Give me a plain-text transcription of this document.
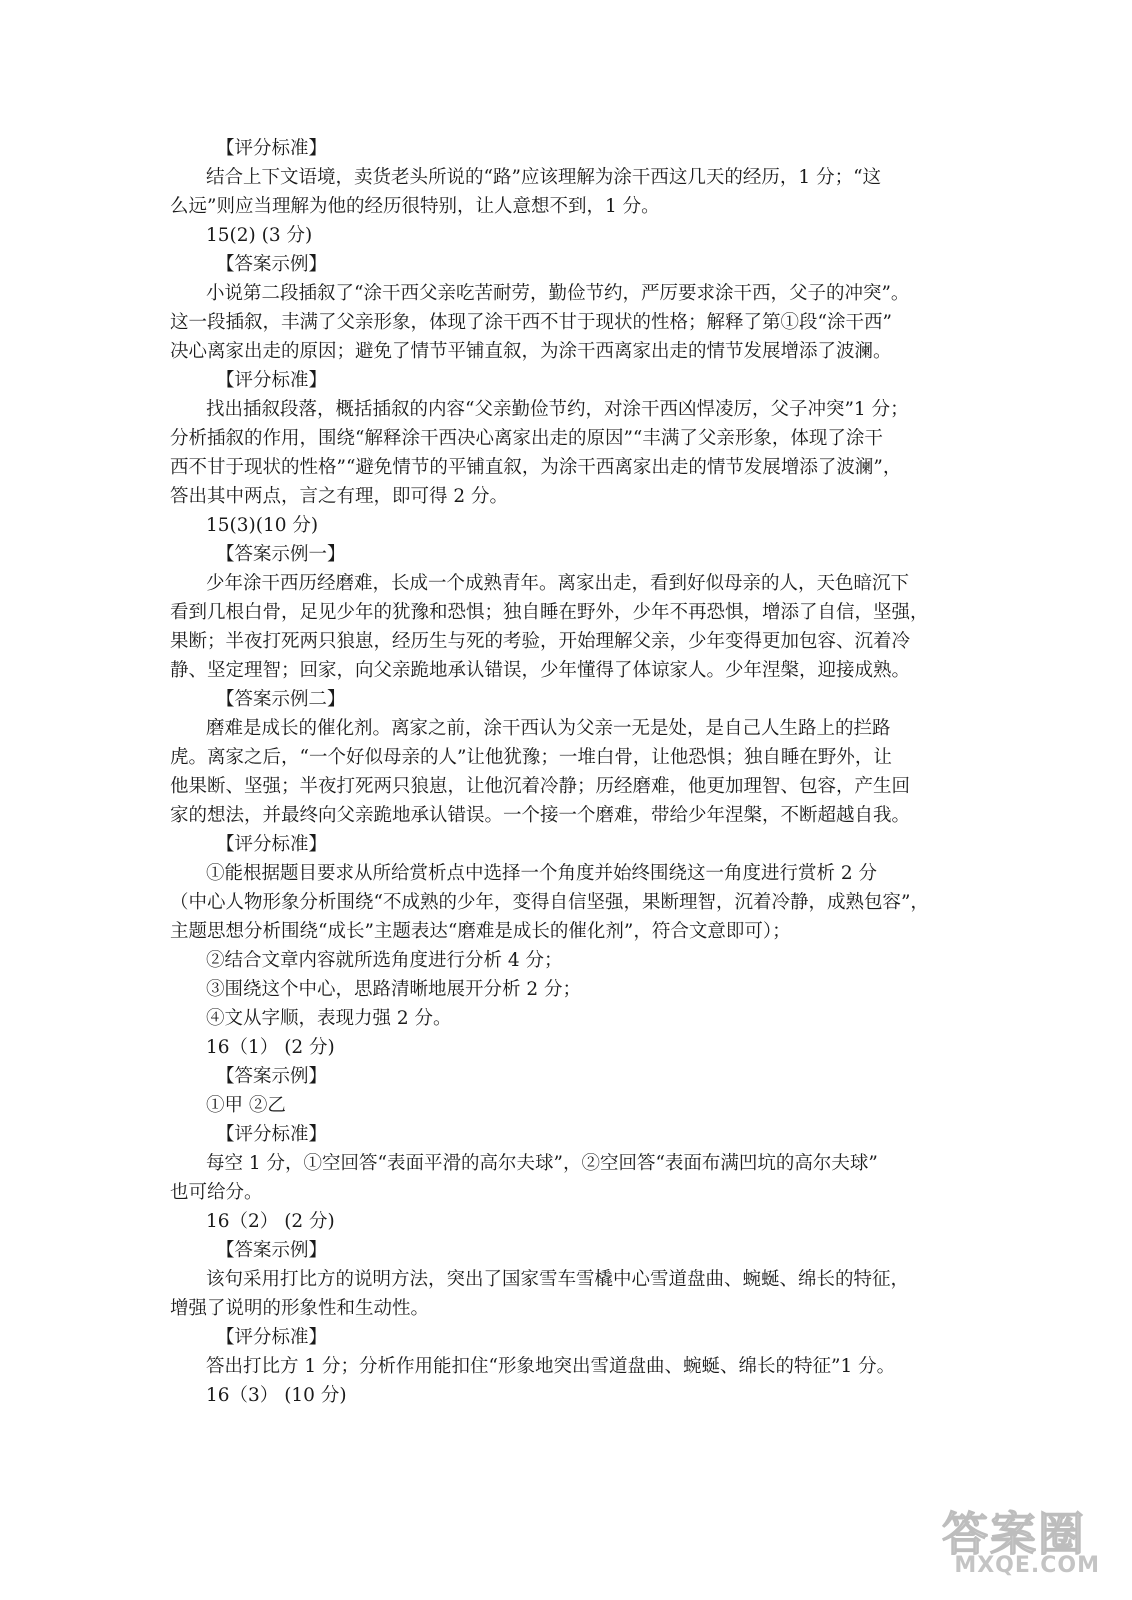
【评分标准】
结合上下文语境，卖货老头所说的“路”应该理解为涂干西这几天的经历，1 分；“这
么远”则应当理解为他的经历很特别，让人意想不到，1 分。
15(2) (3 分)
【答案示例】
小说第二段插叙了“涂干西父亲吃苦耐劳，勤俭节约，严厉要求涂干西，父子的冲突”。
这一段插叙，丰满了父亲形象，体现了涂干西不甘于现状的性格；解释了第①段“涂干西”
决心离家出走的原因；避免了情节平铺直叙，为涂干西离家出走的情节发展增添了波澜。
【评分标准】
找出插叙段落，概括插叙的内容“父亲勤俭节约，对涂干西凶悍凌厉，父子冲突”1 分；
分析插叙的作用，围绕“解释涂干西决心离家出走的原因”“丰满了父亲形象，体现了涂干
西不甘于现状的性格”“避免情节的平铺直叙，为涂干西离家出走的情节发展增添了波澜”，
答出其中两点，言之有理，即可得 2 分。
15(3)(10 分)
【答案示例一】
少年涂干西历经磨难，长成一个成熟青年。离家出走，看到好似母亲的人，天色暗沉下
看到几根白骨，足见少年的犹豫和恐惧；独自睡在野外，少年不再恐惧，增添了自信，坚强，
果断；半夜打死两只狼崽，经历生与死的考验，开始理解父亲，少年变得更加包容、沉着冷
静、坚定理智；回家，向父亲跪地承认错误，少年懂得了体谅家人。少年涅槃，迎接成熟。
【答案示例二】
磨难是成长的催化剂。离家之前，涂干西认为父亲一无是处，是自己人生路上的拦路
虎。离家之后，“一个好似母亲的人”让他犹豫；一堆白骨，让他恐惧；独自睡在野外，让
他果断、坚强；半夜打死两只狼崽，让他沉着冷静；历经磨难，他更加理智、包容，产生回
家的想法，并最终向父亲跪地承认错误。一个接一个磨难，带给少年涅槃，不断超越自我。
【评分标准】
①能根据题目要求从所给赏析点中选择一个角度并始终围绕这一角度进行赏析 2 分
（中心人物形象分析围绕“不成熟的少年，变得自信坚强，果断理智，沉着冷静，成熟包容”，
主题思想分析围绕“成长”主题表达“磨难是成长的催化剂”，符合文意即可）；
②结合文章内容就所选角度进行分析 4 分；
③围绕这个中心，思路清晰地展开分析 2 分；
④文从字顺，表现力强 2 分。
16（1） (2 分)
【答案示例】
①甲 ②乙
【评分标准】
每空 1 分，①空回答“表面平滑的高尔夫球”，②空回答“表面布满凹坑的高尔夫球”
也可给分。
16（2） (2 分)
【答案示例】
该句采用打比方的说明方法，突出了国家雪车雪橇中心雪道盘曲、蜿蜒、绵长的特征，
增强了说明的形象性和生动性。
【评分标准】
答出打比方 1 分；分析作用能扣住“形象地突出雪道盘曲、蜿蜒、绵长的特征”1 分。
16（3） (10 分)
答案圈
MXQE.COM
